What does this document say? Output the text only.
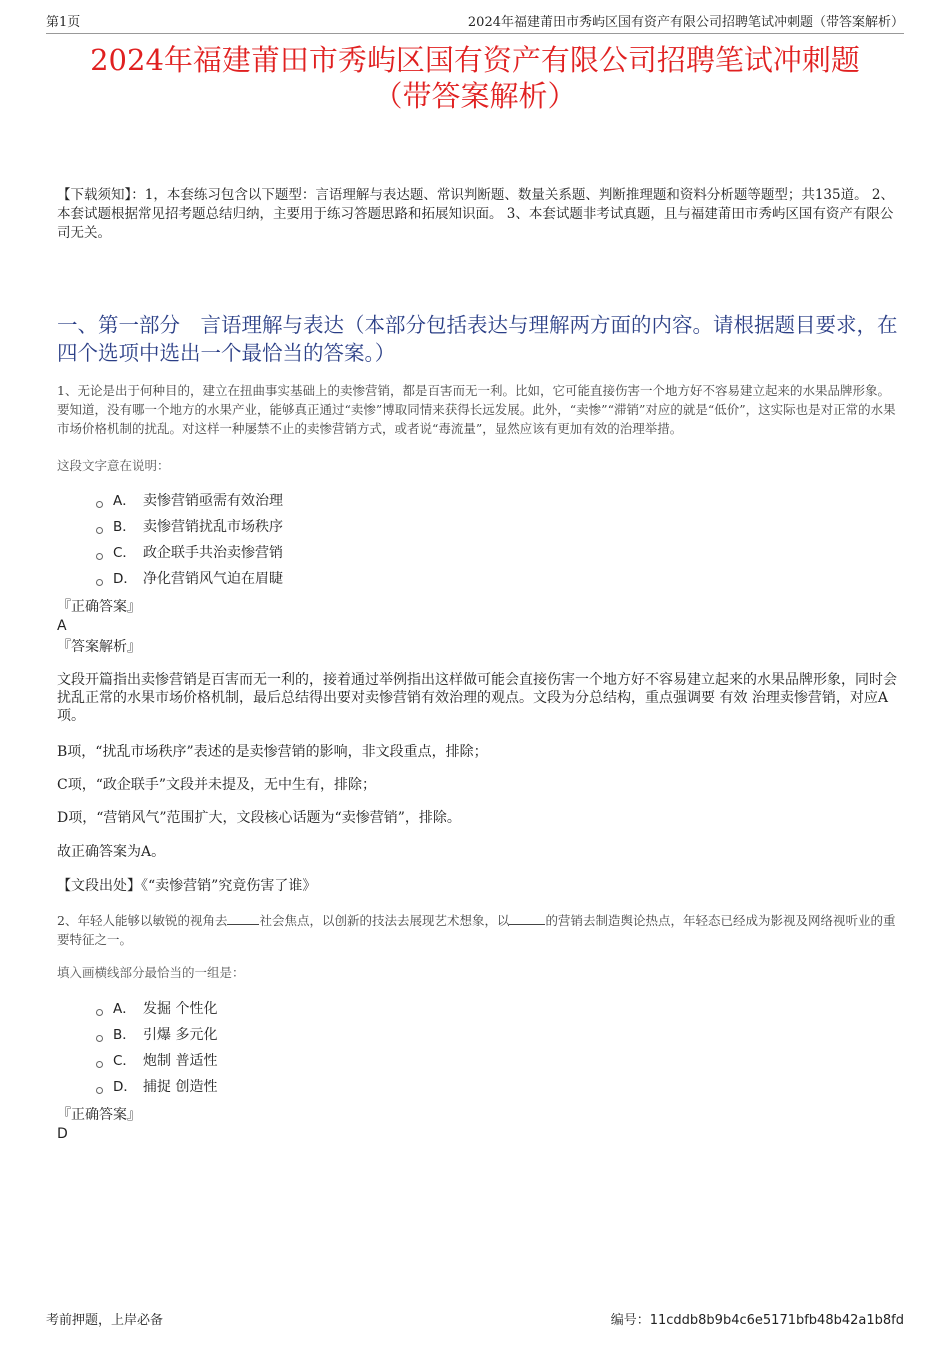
第1页	2024年福建莆田市秀屿区国有资产有限公司招聘笔试冲刺题（带答案解析）
2024年福建莆田市秀屿区国有资产有限公司招聘笔试冲刺题
（带答案解析）
【下载须知】：1，本套练习包含以下题型：言语理解与表达题、常识判断题、数量关系题、判断推理题和资料分析题等题型；共135道。 2、本套试题根据常见招考题总结归纳，主要用于练习答题思路和拓展知识面。 3、本套试题非考试真题，且与福建莆田市秀屿区国有资产有限公司无关。
一、第一部分　言语理解与表达（本部分包括表达与理解两方面的内容。请根据题目要求，在四个选项中选出一个最恰当的答案。）
1、无论是出于何种目的，建立在扭曲事实基础上的卖惨营销，都是百害而无一利。比如，它可能直接伤害一个地方好不容易建立起来的水果品牌形象。要知道，没有哪一个地方的水果产业，能够真正通过“卖惨”博取同情来获得长远发展。此外，“卖惨”“滞销”对应的就是“低价”，这实际也是对正常的水果市场价格机制的扰乱。对这样一种屡禁不止的卖惨营销方式，或者说“毒流量”，显然应该有更加有效的治理举措。
这段文字意在说明：
A． 卖惨营销亟需有效治理
B． 卖惨营销扰乱市场秩序
C． 政企联手共治卖惨营销
D． 净化营销风气迫在眉睫
『正确答案』
A
『答案解析』
文段开篇指出卖惨营销是百害而无一利的，接着通过举例指出这样做可能会直接伤害一个地方好不容易建立起来的水果品牌形象，同时会扰乱正常的水果市场价格机制，最后总结得出要对卖惨营销有效治理的观点。文段为分总结构，重点强调要 有效 治理卖惨营销，对应A项。
B项，“扰乱市场秩序”表述的是卖惨营销的影响，非文段重点，排除；
C项，“政企联手”文段并未提及，无中生有，排除；
D项，“营销风气”范围扩大，文段核心话题为“卖惨营销”，排除。
故正确答案为A。
【文段出处】《“卖惨营销”究竟伤害了谁》
2、年轻人能够以敏锐的视角去	社会焦点，以创新的技法去展现艺术想象，以	的营销去制造舆论热点，年轻态已经成为影视及网络视听业的重要特征之一。
填入画横线部分最恰当的一组是：
A． 发掘 个性化
B． 引爆 多元化
C． 炮制 普适性
D． 捕捉 创造性
『正确答案』
D
考前押题，上岸必备	编号：11cddb8b9b4c6e5171bfb48b42a1b8fd
